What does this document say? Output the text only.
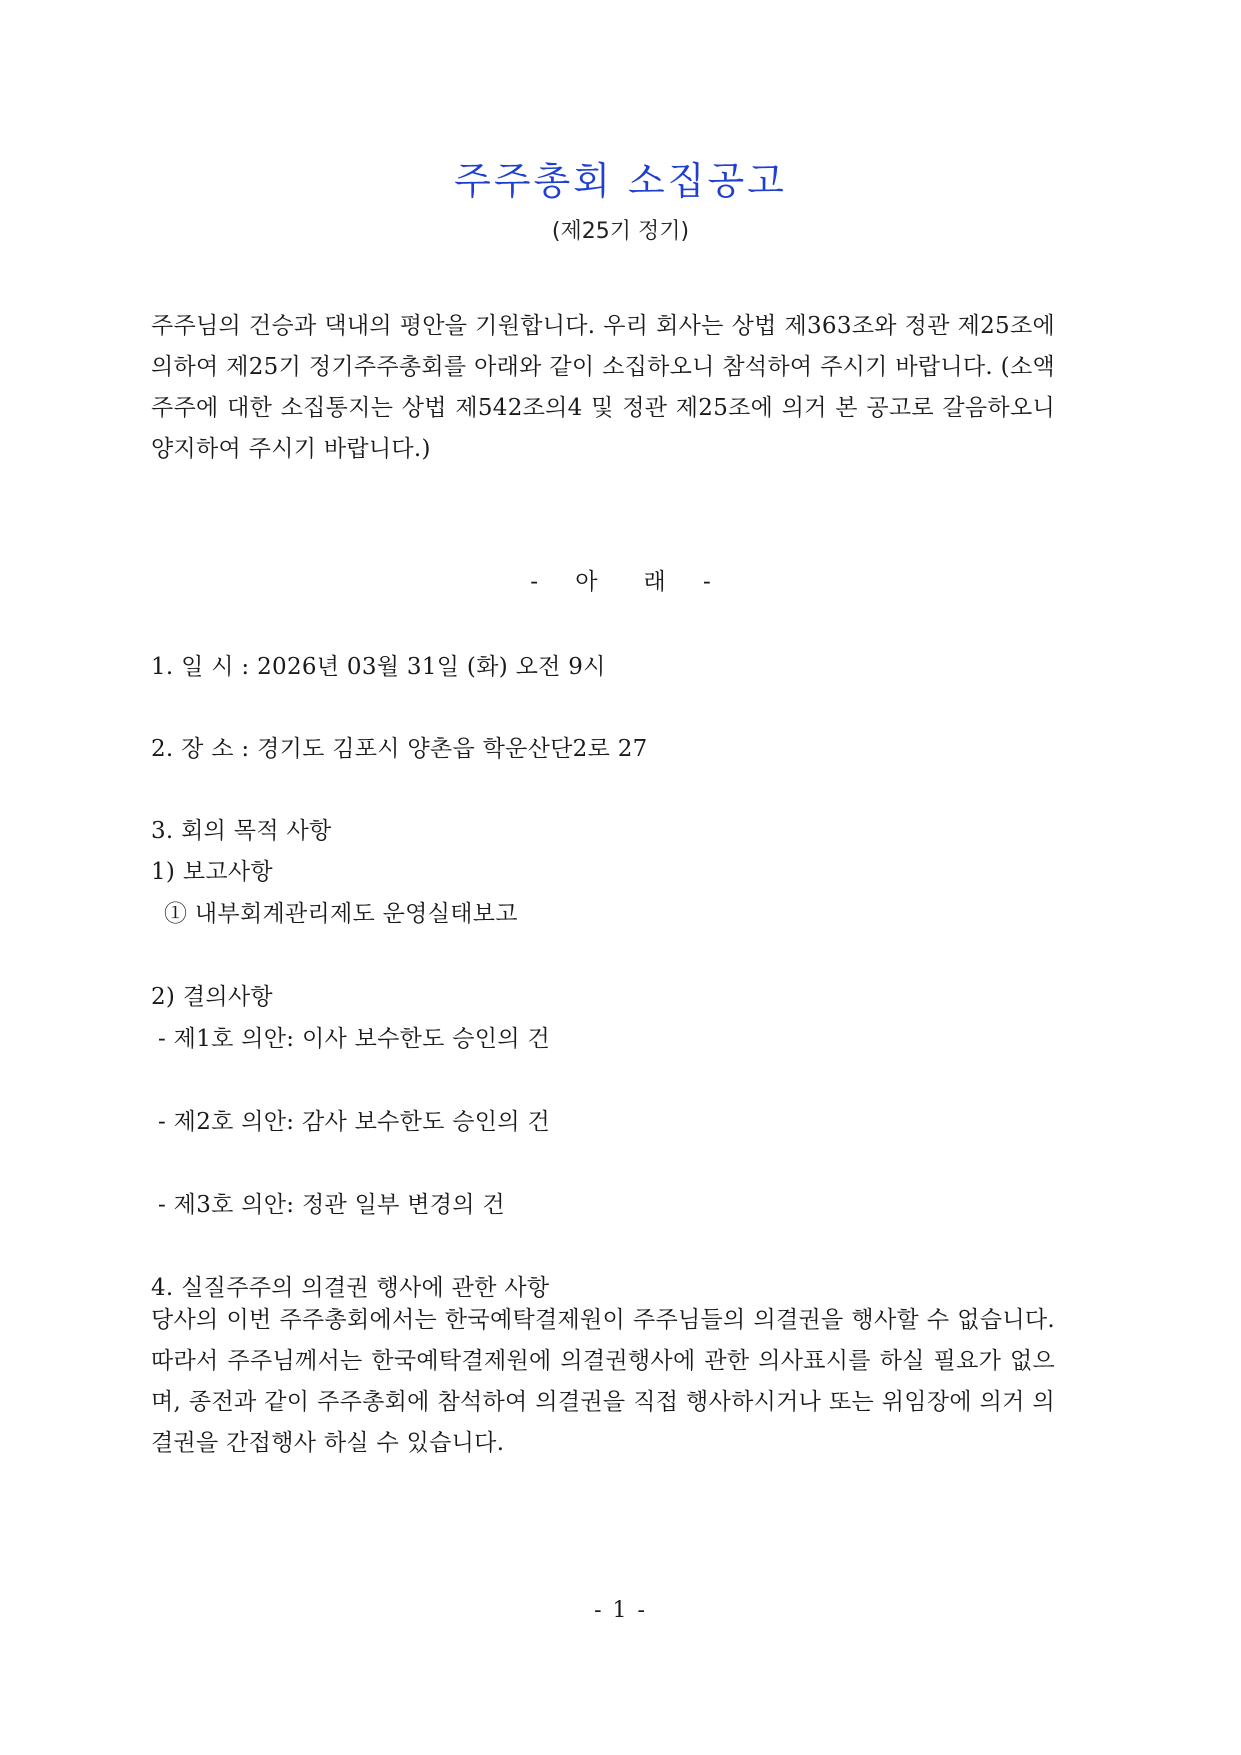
주주총회 소집공고
(제25기 정기)

주주님의 건승과 댁내의 평안을 기원합니다. 우리 회사는 상법 제363조와 정관 제25조에 의하여 제25기 정기주주총회를 아래와 같이 소집하오니 참석하여 주시기 바랍니다. (소액주주에 대한 소집통지는 상법 제542조의4 및 정관 제25조에 의거 본 공고로 갈음하오니 양지하여 주시기 바랍니다.)

- 아　　래 -
1. 일 시 : 2026년 03월 31일 (화) 오전 9시
2. 장 소 : 경기도 김포시 양촌읍 학운산단2로 27
3. 회의 목적 사항
1) 보고사항
① 내부회계관리제도 운영실태보고
2) 결의사항
- 제1호 의안: 이사 보수한도 승인의 건
- 제2호 의안: 감사 보수한도 승인의 건
- 제3호 의안: 정관 일부 변경의 건
4. 실질주주의 의결권 행사에 관한 사항

당사의 이번 주주총회에서는 한국예탁결제원이 주주님들의 의결권을 행사할 수 없습니다. 따라서 주주님께서는 한국예탁결제원에 의결권행사에 관한 의사표시를 하실 필요가 없으며, 종전과 같이 주주총회에 참석하여 의결권을 직접 행사하시거나 또는 위임장에 의거 의결권을 간접행사 하실 수 있습니다.

- 1 -
